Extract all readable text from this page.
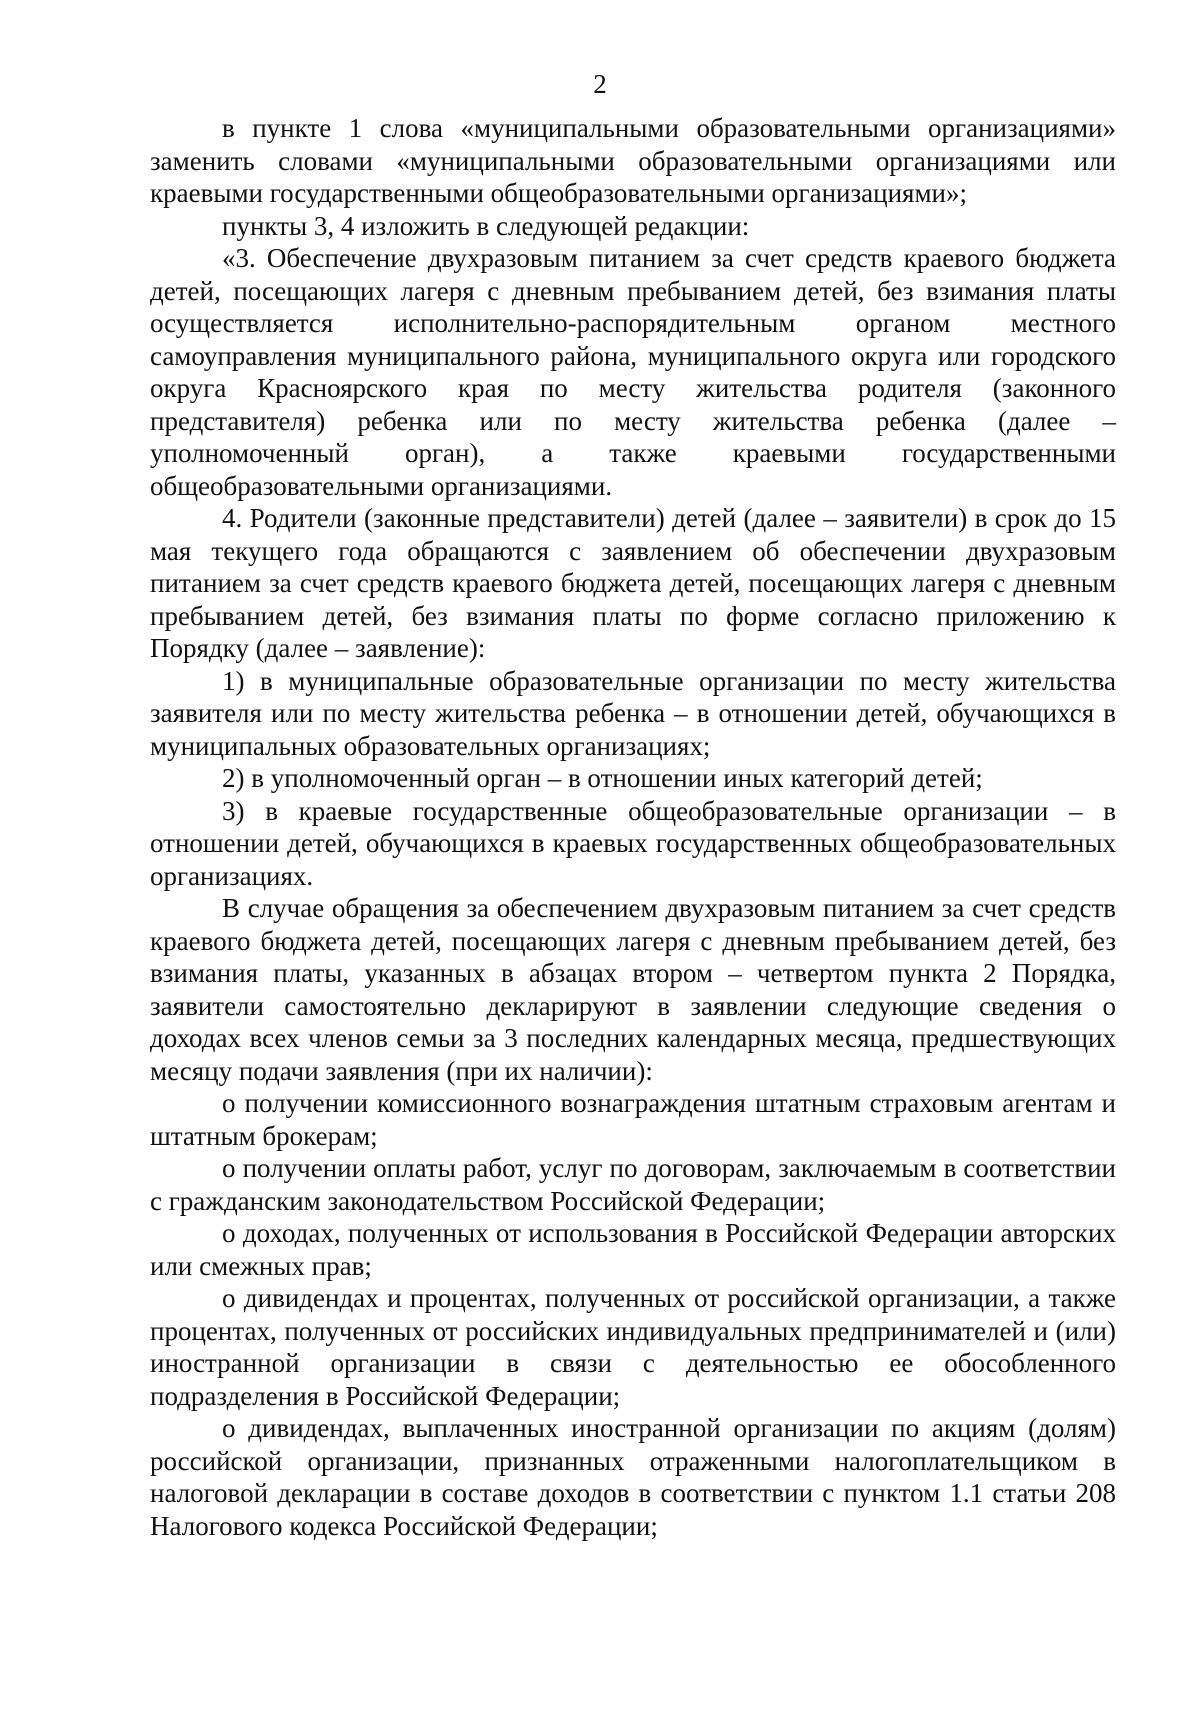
2

в пункте 1 слова «муниципальными образовательными организациями» заменить словами «муниципальными образовательными организациями или краевыми государственными общеобразовательными организациями»;

пункты 3, 4 изложить в следующей редакции:

«3. Обеспечение двухразовым питанием за счет средств краевого бюджета детей, посещающих лагеря с дневным пребыванием детей, без взимания платы осуществляется исполнительно-распорядительным органом местного самоуправления муниципального района, муниципального округа или городского округа Красноярского края по месту жительства родителя (законного представителя) ребенка или по месту жительства ребенка (далее – уполномоченный орган), а также краевыми государственными общеобразовательными организациями.

4. Родители (законные представители) детей (далее – заявители) в срок до 15 мая текущего года обращаются с заявлением об обеспечении двухразовым питанием за счет средств краевого бюджета детей, посещающих лагеря с дневным пребыванием детей, без взимания платы по форме согласно приложению к Порядку (далее – заявление):

1) в муниципальные образовательные организации по месту жительства заявителя или по месту жительства ребенка – в отношении детей, обучающихся в муниципальных образовательных организациях;

2) в уполномоченный орган – в отношении иных категорий детей;

3) в краевые государственные общеобразовательные организации – в отношении детей, обучающихся в краевых государственных общеобразовательных организациях.

В случае обращения за обеспечением двухразовым питанием за счет средств краевого бюджета детей, посещающих лагеря с дневным пребыванием детей, без взимания платы, указанных в абзацах втором – четвертом пункта 2 Порядка, заявители самостоятельно декларируют в заявлении следующие сведения о доходах всех членов семьи за 3 последних календарных месяца, предшествующих месяцу подачи заявления (при их наличии):

о получении комиссионного вознаграждения штатным страховым агентам и штатным брокерам;

о получении оплаты работ, услуг по договорам, заключаемым в соответствии с гражданским законодательством Российской Федерации;

о доходах, полученных от использования в Российской Федерации авторских или смежных прав;

о дивидендах и процентах, полученных от российской организации, а также процентах, полученных от российских индивидуальных предпринимателей и (или) иностранной организации в связи с деятельностью ее обособленного подразделения в Российской Федерации;

о дивидендах, выплаченных иностранной организации по акциям (долям) российской организации, признанных отраженными налогоплательщиком в налоговой декларации в составе доходов в соответствии с пунктом 1.1 статьи 208 Налогового кодекса Российской Федерации;
